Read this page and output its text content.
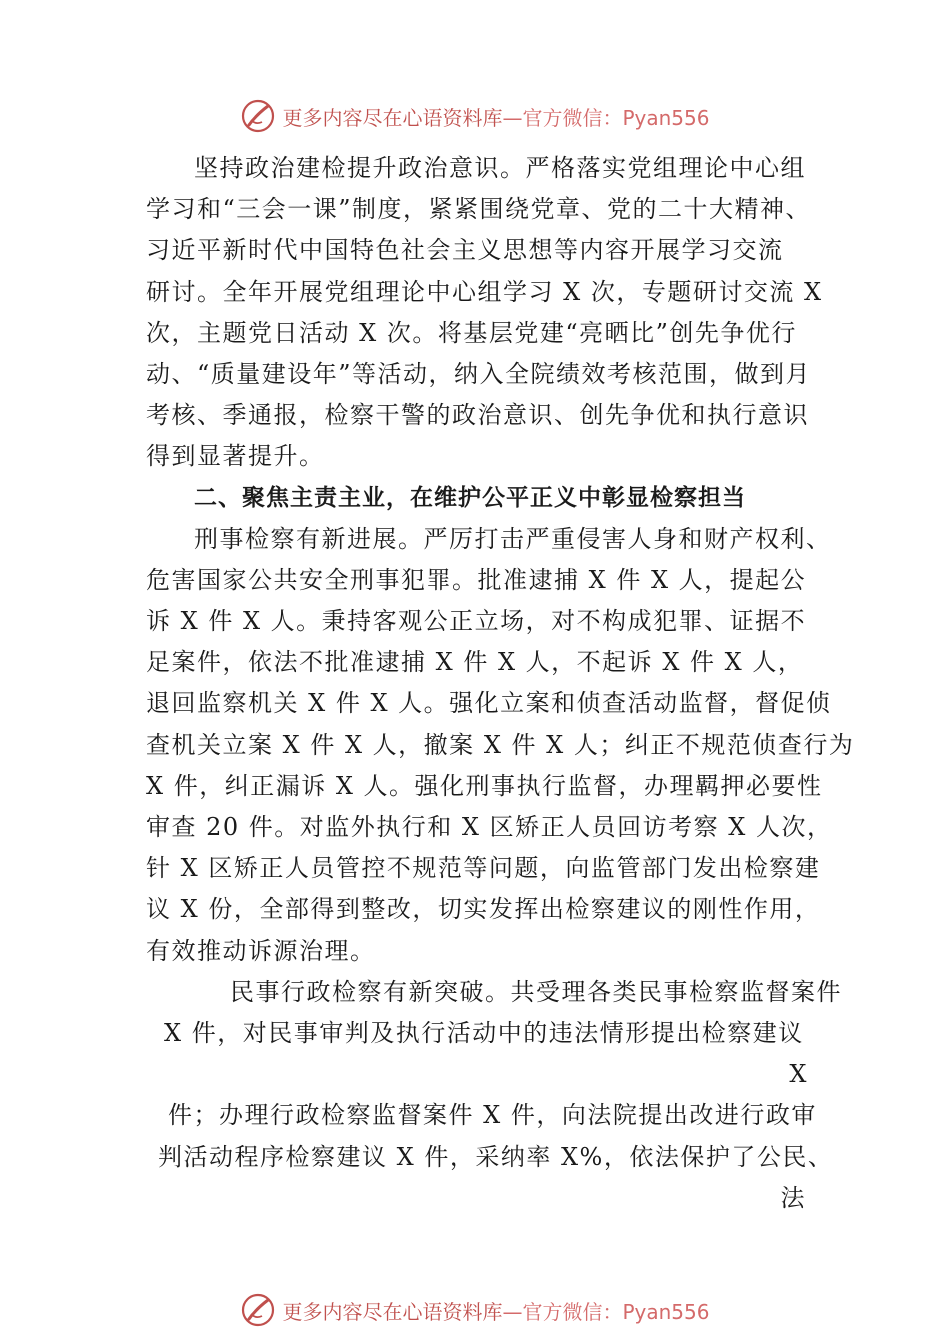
更多内容尽在心语资料库—官方微信：Pyan556
坚持政治建检提升政治意识。严格落实党组理论中心组
学习和“三会一课”制度，紧紧围绕党章、党的二十大精神、
习近平新时代中国特色社会主义思想等内容开展学习交流
研讨。全年开展党组理论中心组学习 X 次，专题研讨交流 X
次，主题党日活动 X 次。将基层党建“亮晒比”创先争优行
动、“质量建设年”等活动，纳入全院绩效考核范围，做到月
考核、季通报，检察干警的政治意识、创先争优和执行意识
得到显著提升。
二、聚焦主责主业，在维护公平正义中彰显检察担当
刑事检察有新进展。严厉打击严重侵害人身和财产权利、
危害国家公共安全刑事犯罪。批准逮捕 X 件 X 人，提起公
诉 X 件 X 人。秉持客观公正立场，对不构成犯罪、证据不
足案件，依法不批准逮捕 X 件 X 人，不起诉 X 件 X 人，
退回监察机关 X 件 X 人。强化立案和侦查活动监督，督促侦
查机关立案 X 件 X 人，撤案 X 件 X 人；纠正不规范侦查行为
X 件，纠正漏诉 X 人。强化刑事执行监督，办理羁押必要性
审查 20 件。对监外执行和 X 区矫正人员回访考察 X 人次，
针 X 区矫正人员管控不规范等问题，向监管部门发出检察建
议 X 份，全部得到整改，切实发挥出检察建议的刚性作用，
有效推动诉源治理。
民事行政检察有新突破。共受理各类民事检察监督案件
X 件，对民事审判及执行活动中的违法情形提出检察建议
X
件；办理行政检察监督案件 X 件，向法院提出改进行政审
判活动程序检察建议 X 件，采纳率 X%，依法保护了公民、
法
更多内容尽在心语资料库—官方微信：Pyan556
